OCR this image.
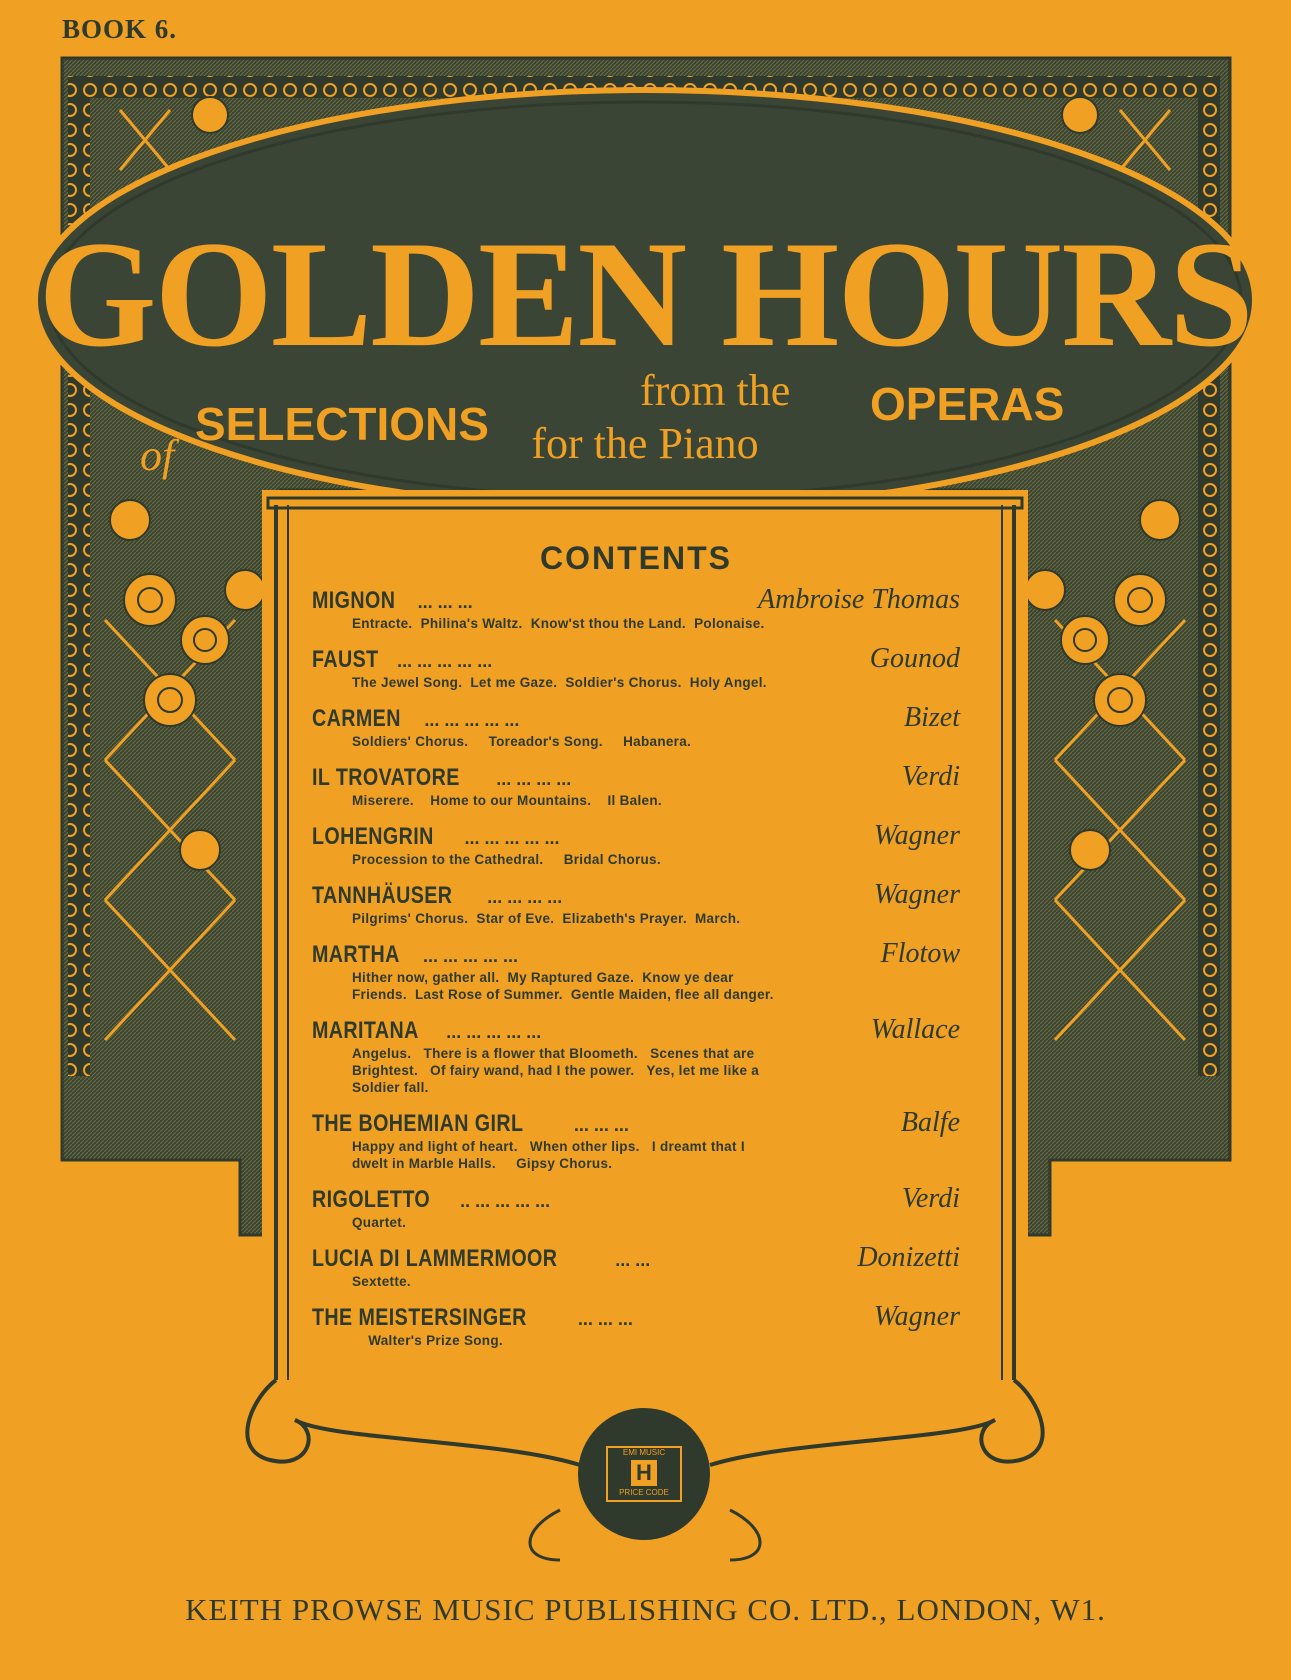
BOOK 6.
GOLDEN HOURS
of
SELECTIONS
from the OPERAS
for the Piano
CONTENTS
MIGNON ... ... ...	Ambroise Thomas
Entracte.  Philina's Waltz.  Know'st thou the Land.  Polonaise.
FAUST ... ... ... ... ...	Gounod
The Jewel Song.  Let me Gaze.  Soldier's Chorus.  Holy Angel.
CARMEN ... ... ... ... ...	Bizet
Soldiers' Chorus.     Toreador's Song.     Habanera.
IL TROVATORE ... ... ... ...	Verdi
Miserere.    Home to our Mountains.    Il Balen.
LOHENGRIN ... ... ... ... ...	Wagner
Procession to the Cathedral.     Bridal Chorus.
TANNHÄUSER ... ... ... ...	Wagner
Pilgrims' Chorus.  Star of Eve.  Elizabeth's Prayer.  March.
MARTHA ... ... ... ... ...	Flotow
Hither now, gather all.  My Raptured Gaze.  Know ye dear
Friends.  Last Rose of Summer.  Gentle Maiden, flee all danger.
MARITANA ... ... ... ... ...	Wallace
Angelus.   There is a flower that Bloometh.   Scenes that are
Brightest.   Of fairy wand, had I the power.   Yes, let me like a
Soldier fall.
THE BOHEMIAN GIRL	... ... ...	Balfe
Happy and light of heart.   When other lips.   I dreamt that I
dwelt in Marble Halls.     Gipsy Chorus.
RIGOLETTO .. ... ... ... ...	Verdi
Quartet.
LUCIA DI LAMMERMOOR	... ...	Donizetti
Sextette.
THE MEISTERSINGER	... ... ...	Wagner
Walter's Prize Song.
EMI MUSIC
H
PRICE CODE
KEITH PROWSE MUSIC PUBLISHING CO. LTD., LONDON, W1.
